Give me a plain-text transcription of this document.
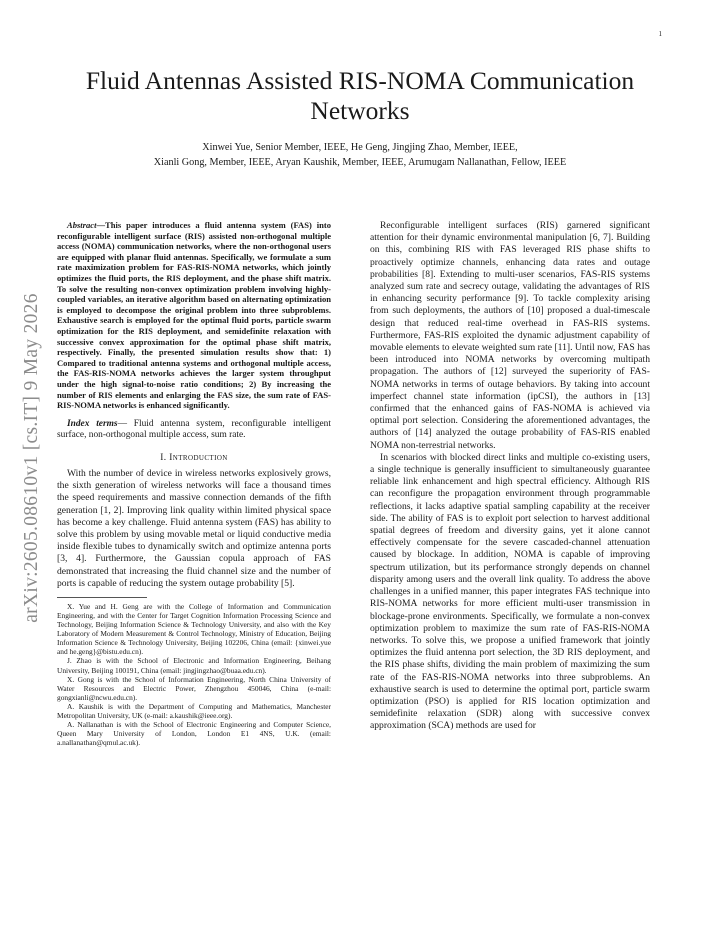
1
arXiv:2605.08610v1 [cs.IT] 9 May 2026
Fluid Antennas Assisted RIS-NOMA Communication Networks
Xinwei Yue, Senior Member, IEEE, He Geng, Jingjing Zhao, Member, IEEE,
Xianli Gong, Member, IEEE, Aryan Kaushik, Member, IEEE, Arumugam Nallanathan, Fellow, IEEE

Abstract—This paper introduces a fluid antenna system (FAS) into reconfigurable intelligent surface (RIS) assisted non-orthogonal multiple access (NOMA) communication networks, where the non-orthogonal users are equipped with planar fluid antennas. Specifically, we formulate a sum rate maximization problem for FAS-RIS-NOMA networks, which jointly optimizes the fluid ports, the RIS deployment, and the phase shift matrix. To solve the resulting non-convex optimization problem involving highly-coupled variables, an iterative algorithm based on alternating optimization is employed to decompose the original problem into three subproblems. Exhaustive search is employed for the optimal fluid ports, particle swarm optimization for the RIS deployment, and semidefinite relaxation with successive convex approximation for the optimal phase shift matrix, respectively. Finally, the presented simulation results show that: 1) Compared to traditional antenna systems and orthogonal multiple access, the FAS-RIS-NOMA networks achieves the larger system throughput under the high signal-to-noise ratio conditions; 2) By increasing the number of RIS elements and enlarging the FAS size, the sum rate of FAS-RIS-NOMA networks is enhanced significantly.

Index terms— Fluid antenna system, reconfigurable intelligent surface, non-orthogonal multiple access, sum rate.

I. Introduction

With the number of device in wireless networks explosively grows, the sixth generation of wireless networks will face a thousand times the speed requirements and massive connection demands of the fifth generation [1, 2]. Improving link quality within limited physical space has become a key challenge. Fluid antenna system (FAS) has ability to solve this problem by using movable metal or liquid conductive media inside flexible tubes to dynamically switch and optimize antenna ports [3, 4]. Furthermore, the Gaussian copula approach of FAS demonstrated that increasing the fluid channel size and the number of ports is capable of reducing the system outage probability [5].

X. Yue and H. Geng are with the College of Information and Communication Engineering, and with the Center for Target Cognition Information Processing Science and Technology, Beijing Information Science & Technology University, and also with the Key Laboratory of Modern Measurement & Control Technology, Ministry of Education, Beijing Information Science & Technology University, Beijing 102206, China (email: {xinwei.yue and he.geng}@bistu.edu.cn).

J. Zhao is with the School of Electronic and Information Engineering, Beihang University, Beijing 100191, China (email: jingjingzhao@buaa.edu.cn).

X. Gong is with the School of Information Engineering, North China University of Water Resources and Electric Power, Zhengzhou 450046, China (e-mail: gongxianli@ncwu.edu.cn).

A. Kaushik is with the Department of Computing and Mathematics, Manchester Metropolitan University, UK (e-mail: a.kaushik@ieee.org).

A. Nallanathan is with the School of Electronic Engineering and Computer Science, Queen Mary University of London, London E1 4NS, U.K. (email: a.nallanathan@qmul.ac.uk).

Reconfigurable intelligent surfaces (RIS) garnered significant attention for their dynamic environmental manipulation [6, 7]. Building on this, combining RIS with FAS leveraged RIS phase shifts to proactively optimize channels, enhancing data rates and outage probabilities [8]. Extending to multi-user scenarios, FAS-RIS systems analyzed sum rate and secrecy outage, validating the advantages of RIS in enhancing security performance [9]. To tackle complexity arising from such deployments, the authors of [10] proposed a dual-timescale design that reduced real-time overhead in FAS-RIS systems. Furthermore, FAS-RIS exploited the dynamic adjustment capability of movable elements to elevate weighted sum rate [11]. Until now, FAS has been introduced into NOMA networks by overcoming multipath propagation. The authors of [12] surveyed the superiority of FAS-NOMA networks in terms of outage behaviors. By taking into account imperfect channel state information (ipCSI), the authors in [13] confirmed that the enhanced gains of FAS-NOMA is achieved via optimal port selection. Considering the aforementioned advantages, the authors of [14] analyzed the outage probability of FAS-RIS enabled NOMA non-terrestrial networks.

In scenarios with blocked direct links and multiple co-existing users, a single technique is generally insufficient to simultaneously guarantee reliable link enhancement and high spectral efficiency. Although RIS can reconfigure the propagation environment through programmable reflections, it lacks adaptive spatial sampling capability at the receiver side. The ability of FAS is to exploit port selection to harvest additional spatial degrees of freedom and diversity gains, yet it alone cannot effectively compensate for the severe cascaded-channel attenuation caused by blockage. In addition, NOMA is capable of improving spectrum utilization, but its performance strongly depends on channel disparity among users and the overall link quality. To address the above challenges in a unified manner, this paper integrates FAS technique into RIS-NOMA networks for more efficient multi-user transmission in blockage-prone environments. Specifically, we formulate a non-convex optimization problem to maximize the sum rate of FAS-RIS-NOMA networks. To solve this, we propose a unified framework that jointly optimizes the fluid antenna port selection, the 3D RIS deployment, and the RIS phase shifts, dividing the main problem of maximizing the sum rate of the FAS-RIS-NOMA networks into three subproblems. An exhaustive search is used to determine the optimal port, particle swarm optimization (PSO) is applied for RIS location optimization and semidefinite relaxation (SDR) along with successive convex approximation (SCA) methods are used for
